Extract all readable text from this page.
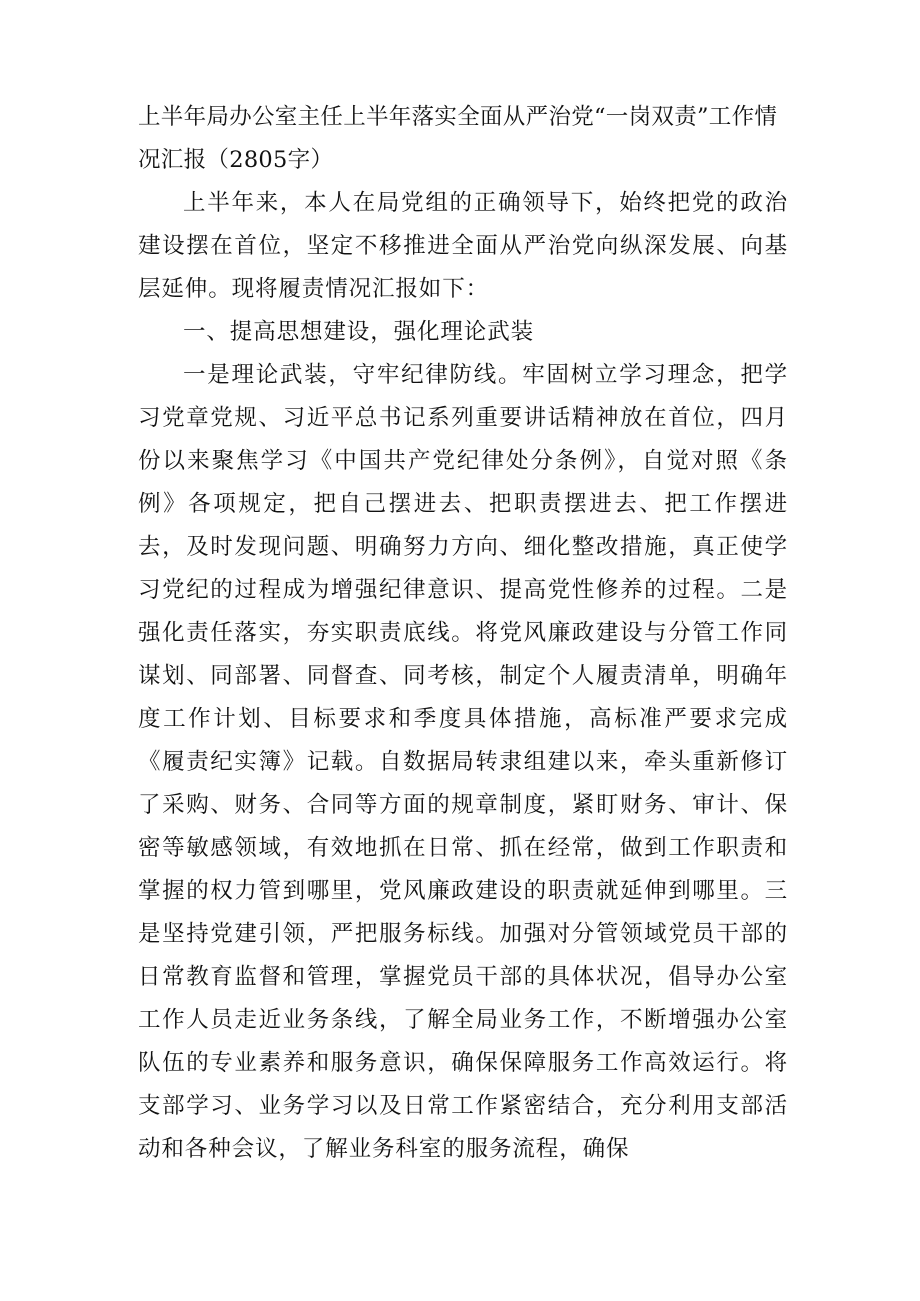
上半年局办公室主任上半年落实全面从严治党“一岗双责”工作情况汇报（2805字）

上半年来，本人在局党组的正确领导下，始终把党的政治建设摆在首位，坚定不移推进全面从严治党向纵深发展、向基层延伸。现将履责情况汇报如下：

一、提高思想建设，强化理论武装

一是理论武装，守牢纪律防线。牢固树立学习理念，把学习党章党规、习近平总书记系列重要讲话精神放在首位，四月份以来聚焦学习《中国共产党纪律处分条例》，自觉对照《条例》各项规定，把自己摆进去、把职责摆进去、把工作摆进去，及时发现问题、明确努力方向、细化整改措施，真正使学习党纪的过程成为增强纪律意识、提高党性修养的过程。二是强化责任落实，夯实职责底线。将党风廉政建设与分管工作同谋划、同部署、同督查、同考核，制定个人履责清单，明确年度工作计划、目标要求和季度具体措施，高标准严要求完成《履责纪实簿》记载。自数据局转隶组建以来，牵头重新修订了采购、财务、合同等方面的规章制度，紧盯财务、审计、保密等敏感领域，有效地抓在日常、抓在经常，做到工作职责和掌握的权力管到哪里，党风廉政建设的职责就延伸到哪里。三是坚持党建引领，严把服务标线。加强对分管领域党员干部的日常教育监督和管理，掌握党员干部的具体状况，倡导办公室工作人员走近业务条线，了解全局业务工作，不断增强办公室队伍的专业素养和服务意识，确保保障服务工作高效运行。将支部学习、业务学习以及日常工作紧密结合，充分利用支部活动和各种会议，了解业务科室的服务流程，确保
